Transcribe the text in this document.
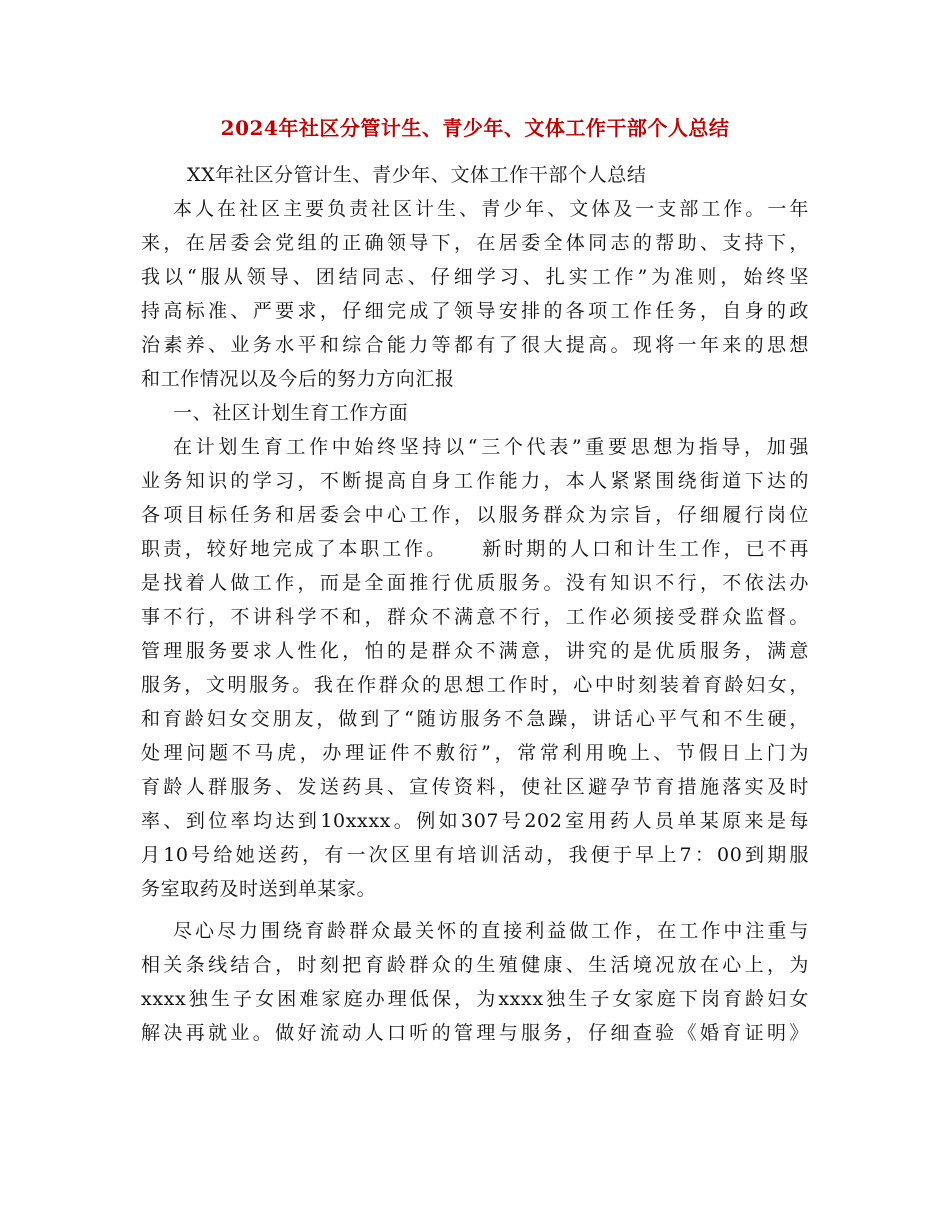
2024年社区分管计生、青少年、文体工作干部个人总结
XX年社区分管计生、青少年、文体工作干部个人总结
本人在社区主要负责社区计生、青少年、文体及一支部工作。一年
来，在居委会党组的正确领导下，在居委全体同志的帮助、支持下，
我以“服从领导、团结同志、仔细学习、扎实工作”为准则，始终坚
持高标准、严要求，仔细完成了领导安排的各项工作任务，自身的政
治素养、业务水平和综合能力等都有了很大提高。现将一年来的思想
和工作情况以及今后的努力方向汇报
一、社区计划生育工作方面
在计划生育工作中始终坚持以“三个代表”重要思想为指导，加强
业务知识的学习，不断提高自身工作能力，本人紧紧围绕街道下达的
各项目标任务和居委会中心工作，以服务群众为宗旨，仔细履行岗位
职责，较好地完成了本职工作。　　新时期的人口和计生工作，已不再
是找着人做工作，而是全面推行优质服务。没有知识不行，不依法办
事不行，不讲科学不和，群众不满意不行，工作必须接受群众监督。
管理服务要求人性化，怕的是群众不满意，讲究的是优质服务，满意
服务，文明服务。我在作群众的思想工作时，心中时刻装着育龄妇女，
和育龄妇女交朋友，做到了“随访服务不急躁，讲话心平气和不生硬，
处理问题不马虎，办理证件不敷衍”，常常利用晚上、节假日上门为
育龄人群服务、发送药具、宣传资料，使社区避孕节育措施落实及时
率、到位率均达到10xxxx。例如307号202室用药人员单某原来是每
月10号给她送药，有一次区里有培训活动，我便于早上7：00到期服
务室取药及时送到单某家。
尽心尽力围绕育龄群众最关怀的直接利益做工作，在工作中注重与
相关条线结合，时刻把育龄群众的生殖健康、生活境况放在心上，为
xxxx独生子女困难家庭办理低保，为xxxx独生子女家庭下岗育龄妇女
解决再就业。做好流动人口听的管理与服务，仔细查验《婚育证明》
